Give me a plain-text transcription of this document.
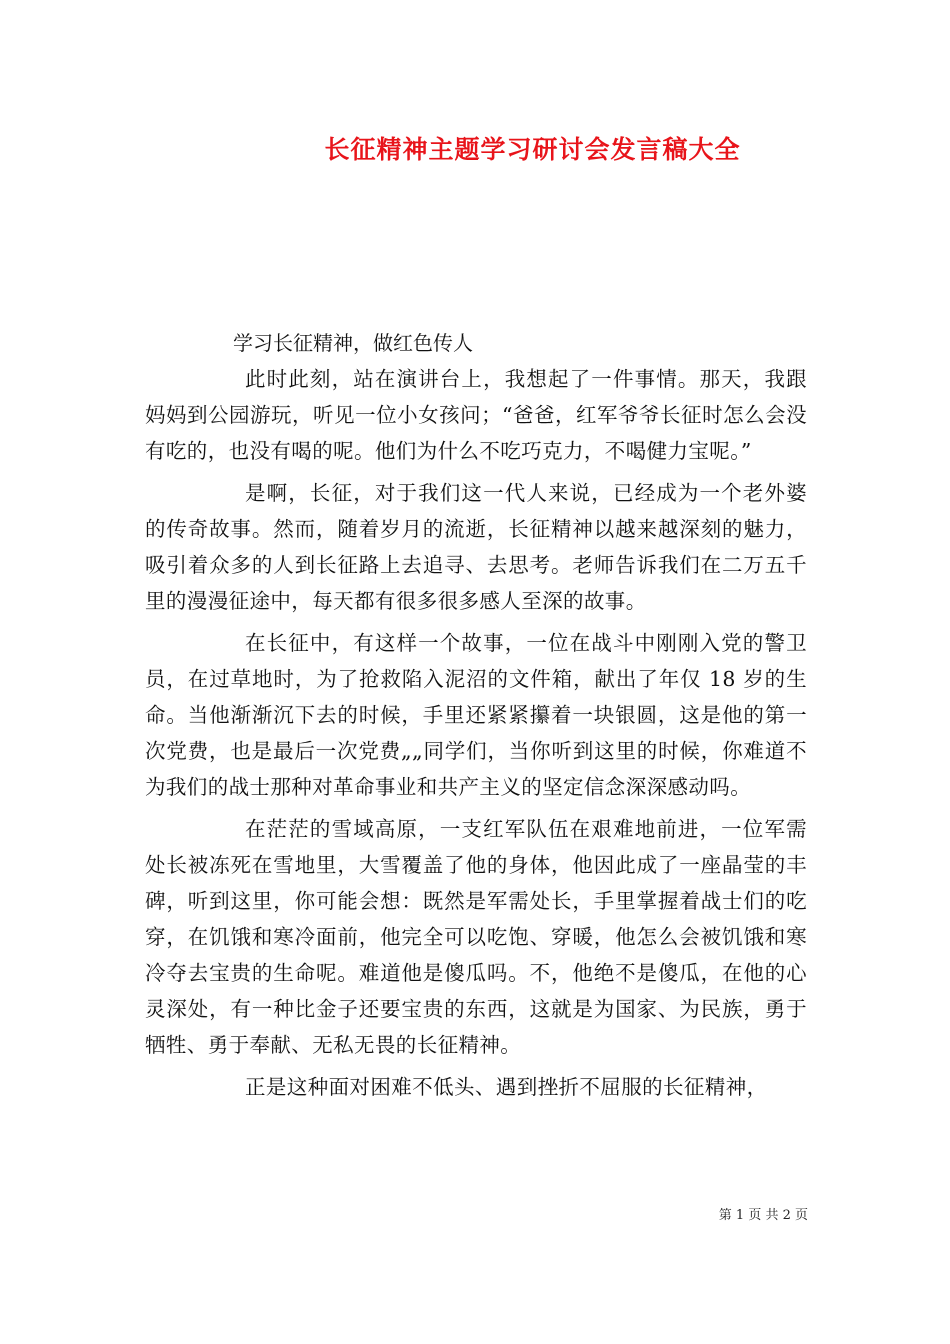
长征精神主题学习研讨会发言稿大全

学习长征精神，做红色传人

此时此刻，站在演讲台上，我想起了一件事情。那天，我跟妈妈到公园游玩，听见一位小女孩问；“爸爸，红军爷爷长征时怎么会没有吃的，也没有喝的呢。他们为什么不吃巧克力，不喝健力宝呢。”

是啊，长征，对于我们这一代人来说，已经成为一个老外婆的传奇故事。然而，随着岁月的流逝，长征精神以越来越深刻的魅力，吸引着众多的人到长征路上去追寻、去思考。老师告诉我们在二万五千里的漫漫征途中，每天都有很多很多感人至深的故事。

在长征中，有这样一个故事，一位在战斗中刚刚入党的警卫员，在过草地时，为了抢救陷入泥沼的文件箱，献出了年仅 18 岁的生命。当他渐渐沉下去的时候，手里还紧紧攥着一块银圆，这是他的第一次党费，也是最后一次党费„„同学们，当你听到这里的时候，你难道不为我们的战士那种对革命事业和共产主义的坚定信念深深感动吗。

在茫茫的雪域高原，一支红军队伍在艰难地前进，一位军需处长被冻死在雪地里，大雪覆盖了他的身体，他因此成了一座晶莹的丰碑，听到这里，你可能会想：既然是军需处长，手里掌握着战士们的吃穿，在饥饿和寒冷面前，他完全可以吃饱、穿暖，他怎么会被饥饿和寒冷夺去宝贵的生命呢。难道他是傻瓜吗。不，他绝不是傻瓜，在他的心灵深处，有一种比金子还要宝贵的东西，这就是为国家、为民族，勇于牺牲、勇于奉献、无私无畏的长征精神。

正是这种面对困难不低头、遇到挫折不屈服的长征精神，

第 1 页 共 2 页
